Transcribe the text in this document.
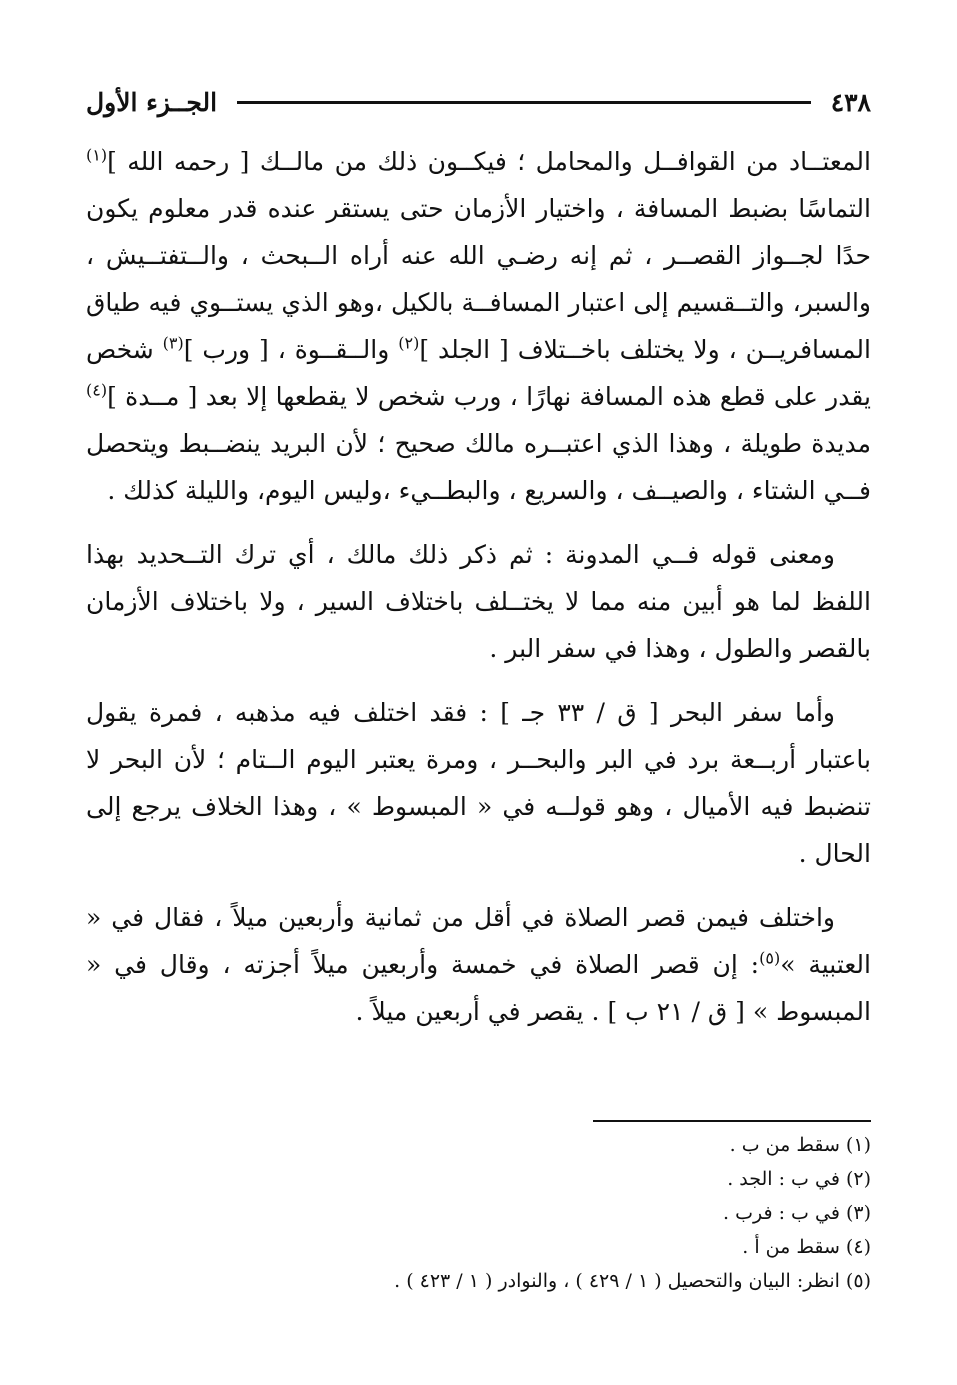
٤٣٨
الجــزء الأول

المعتــاد من القوافــل والمحامل ؛ فيكــون ذلك من مالــك [ رحمه الله ]$^{(١)}$ التماسًا بضبط المسافة ، واختيار الأزمان حتى يستقر عنده قدر معلوم يكون حدًا لجــواز القصــر ، ثم إنه رضـي الله عنه أراه الــبحث ، والــتفتــيش ، والسبر، والتــقسيم إلى اعتبار المسافــة بالكيل ،وهو الذي يستــوي فيه طياق المسافريــن ، ولا يختلف باخــتلاف [ الجلد ]$^{(٢)}$ والــقــوة ، [ ورب ]$^{(٣)}$ شخص يقدر على قطع هذه المسافة نهارًا ، ورب شخص لا يقطعها إلا بعد [ مــدة ]$^{(٤)}$ مديدة طويلة ، وهذا الذي اعتبــره مالك صحيح ؛ لأن البريد ينضــبط ويتحصل فــي الشتاء ، والصيــف ، والسريع ، والبطــيء ،وليس اليوم، والليلة كذلك .

ومعنى قوله فــي المدونة : ثم ذكر ذلك مالك ، أي ترك التــحديد بهذا اللفظ لما هو أبين منه مما لا يختــلف باختلاف السير ، ولا باختلاف الأزمان بالقصر والطول ، وهذا في سفر البر .

وأما سفر البحر [ ق / ٣٣ جـ ] : فقد اختلف فيه مذهبه ، فمرة يقول باعتبار أربــعة برد في البر والبحــر ، ومرة يعتبر اليوم الــتام ؛ لأن البحر لا تنضبط فيه الأميال ، وهو قولــه في « المبسوط » ، وهذا الخلاف يرجع إلى الحال .

واختلف فيمن قصر الصلاة في أقل من ثمانية وأربعين ميلاً ، فقال في « العتبية »$^{(٥)}$: إن قصر الصلاة في خمسة وأربعين ميلاً أجزته ، وقال في « المبسوط » [ ق / ٢١ ب ] . يقصر في أربعين ميلاً .

(١) سقط من ب .
(٢) في ب : الجد .
(٣) في ب : فرب .
(٤) سقط من أ .
(٥) انظر: البيان والتحصيل ( ١ / ٤٢٩ ) ، والنوادر ( ١ / ٤٢٣ ) .
